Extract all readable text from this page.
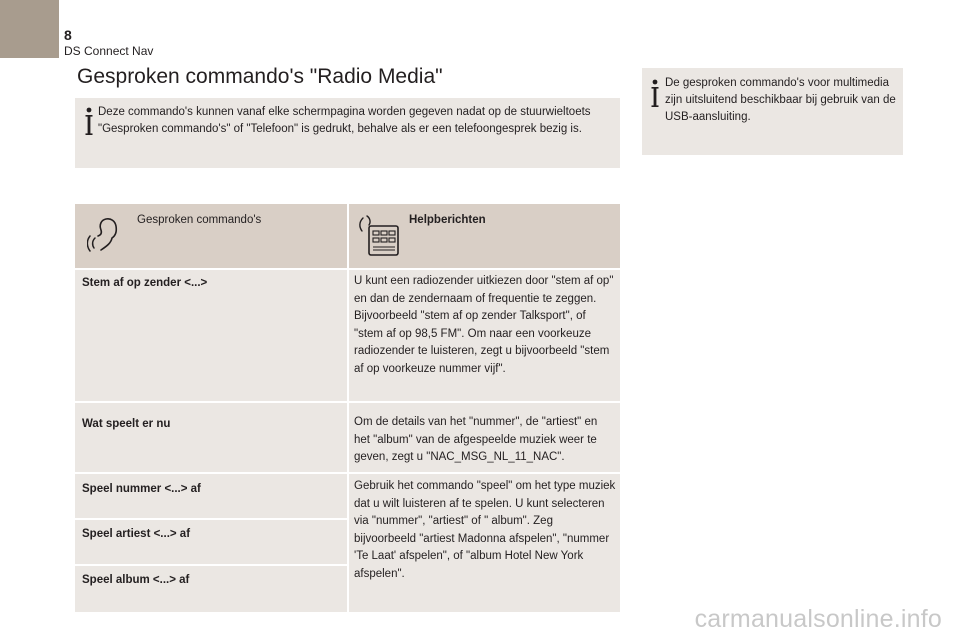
8
DS Connect Nav
Gesproken commando's "Radio Media"

Deze commando's kunnen vanaf elke schermpagina worden gegeven nadat op de stuurwieltoets "Gesproken commando's" of "Telefoon" is gedrukt, behalve als er een telefoongesprek bezig is.

De gesproken commando's voor multimedia zijn uitsluitend beschikbaar bij gebruik van de USB-aansluiting.

Gesproken commando's	Helpberichten
Stem af op zender <...>	U kunt een radiozender uitkiezen door "stem af op" en dan de zendernaam of frequentie te zeggen. Bijvoorbeeld "stem af op zender Talksport", of "stem af op 98,5 FM". Om naar een voorkeuze radiozender te luisteren, zegt u bijvoorbeeld "stem af op voorkeuze nummer vijf".

Wat speelt er nu	Om de details van het "nummer", de "artiest" en het "album" van de afgespeelde muziek weer te geven, zegt u "NAC_MSG_NL_11_NAC".

Speel nummer <...> af	Gebruik het commando "speel" om het type muziek dat u wilt luisteren af te spelen. U kunt selecteren via "nummer", "artiest" of " album". Zeg bijvoorbeeld "artiest Madonna afspelen", "nummer 'Te Laat' afspelen", of "album Hotel New York afspelen".

Speel artiest <...> af
Speel album <...> af
carmanualsonline.info
